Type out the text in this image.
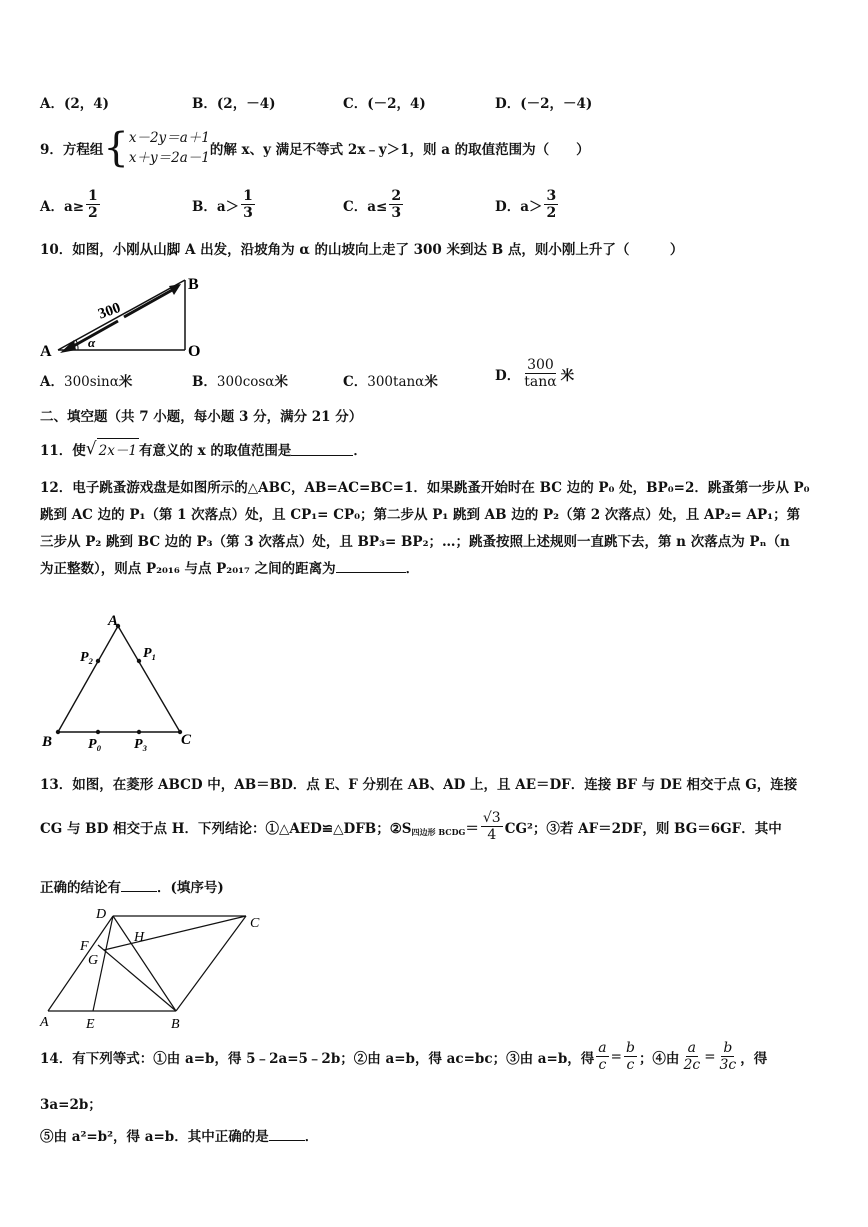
A．(2，4)	B．(2，－4)	C．(－2，4)	D．(－2，－4)
9．方程组 { x－2y＝a＋1
x＋y＝2a－1 的解 x、y 满足不等式 2x﹣y＞1，则 a 的取值范围为（　　）
A．$a\ge \frac{1}{2}$	B．$a> \frac{1}{3}$	C．$a\le \frac{2}{3}$	D．$a> \frac{3}{2}$
10．如图，小刚从山脚 A 出发，沿坡角为 α 的山坡向上走了 300 米到达 B 点，则小刚上升了（　　　）
A
B
O
300
α
A．300sinα米	B．300cosα米	C．300tanα米	D． $\frac{300}{\tan\alpha}$ 米
二、填空题（共 7 小题，每小题 3 分，满分 21 分）
11．使 √ 2x－1 有意义的 x 的取值范围是	．
12．电子跳蚤游戏盘是如图所示的△ABC，AB=AC=BC=1．如果跳蚤开始时在 BC 边的 P₀ 处，BP₀=2．跳蚤第一步从 P₀
跳到 AC 边的 P₁（第 1 次落点）处，且 CP₁= CP₀；第二步从 P₁ 跳到 AB 边的 P₂（第 2 次落点）处，且 AP₂= AP₁；第
三步从 P₂ 跳到 BC 边的 P₃（第 3 次落点）处，且 BP₃= BP₂；…；跳蚤按照上述规则一直跳下去，第 n 次落点为 Pₙ（n
为正整数），则点 P₂₀₁₆ 与点 P₂₀₁₇ 之间的距离为	．
A
P₂	P₁
B	P₀ P₃ C
13．如图，在菱形 ABCD 中，AB＝BD．点 E、F 分别在 AB、AD 上，且 AE＝DF．连接 BF 与 DE 相交于点 G，连接
CG 与 BD 相交于点 H．下列结论：①△AED≌△DFB；②S 四边形 BCDG ＝ $\frac{√3}{4} CG^2$；③若 AF＝2DF，则 BG＝6GF．其中
正确的结论有	．(填序号)
D
C
H
F
G
A	E	B
14．有下列等式：①由 a=b，得 5﹣2a=5﹣2b；②由 a=b，得 ac=bc；③由 a=b，得 $\frac{a}{c} = \frac{b}{c}$ ；④由 $\frac{a}{2c} = \frac{b}{3c}$ ，得
3a=2b；
⑤由 a²=b²，得 a=b．其中正确的是	．
